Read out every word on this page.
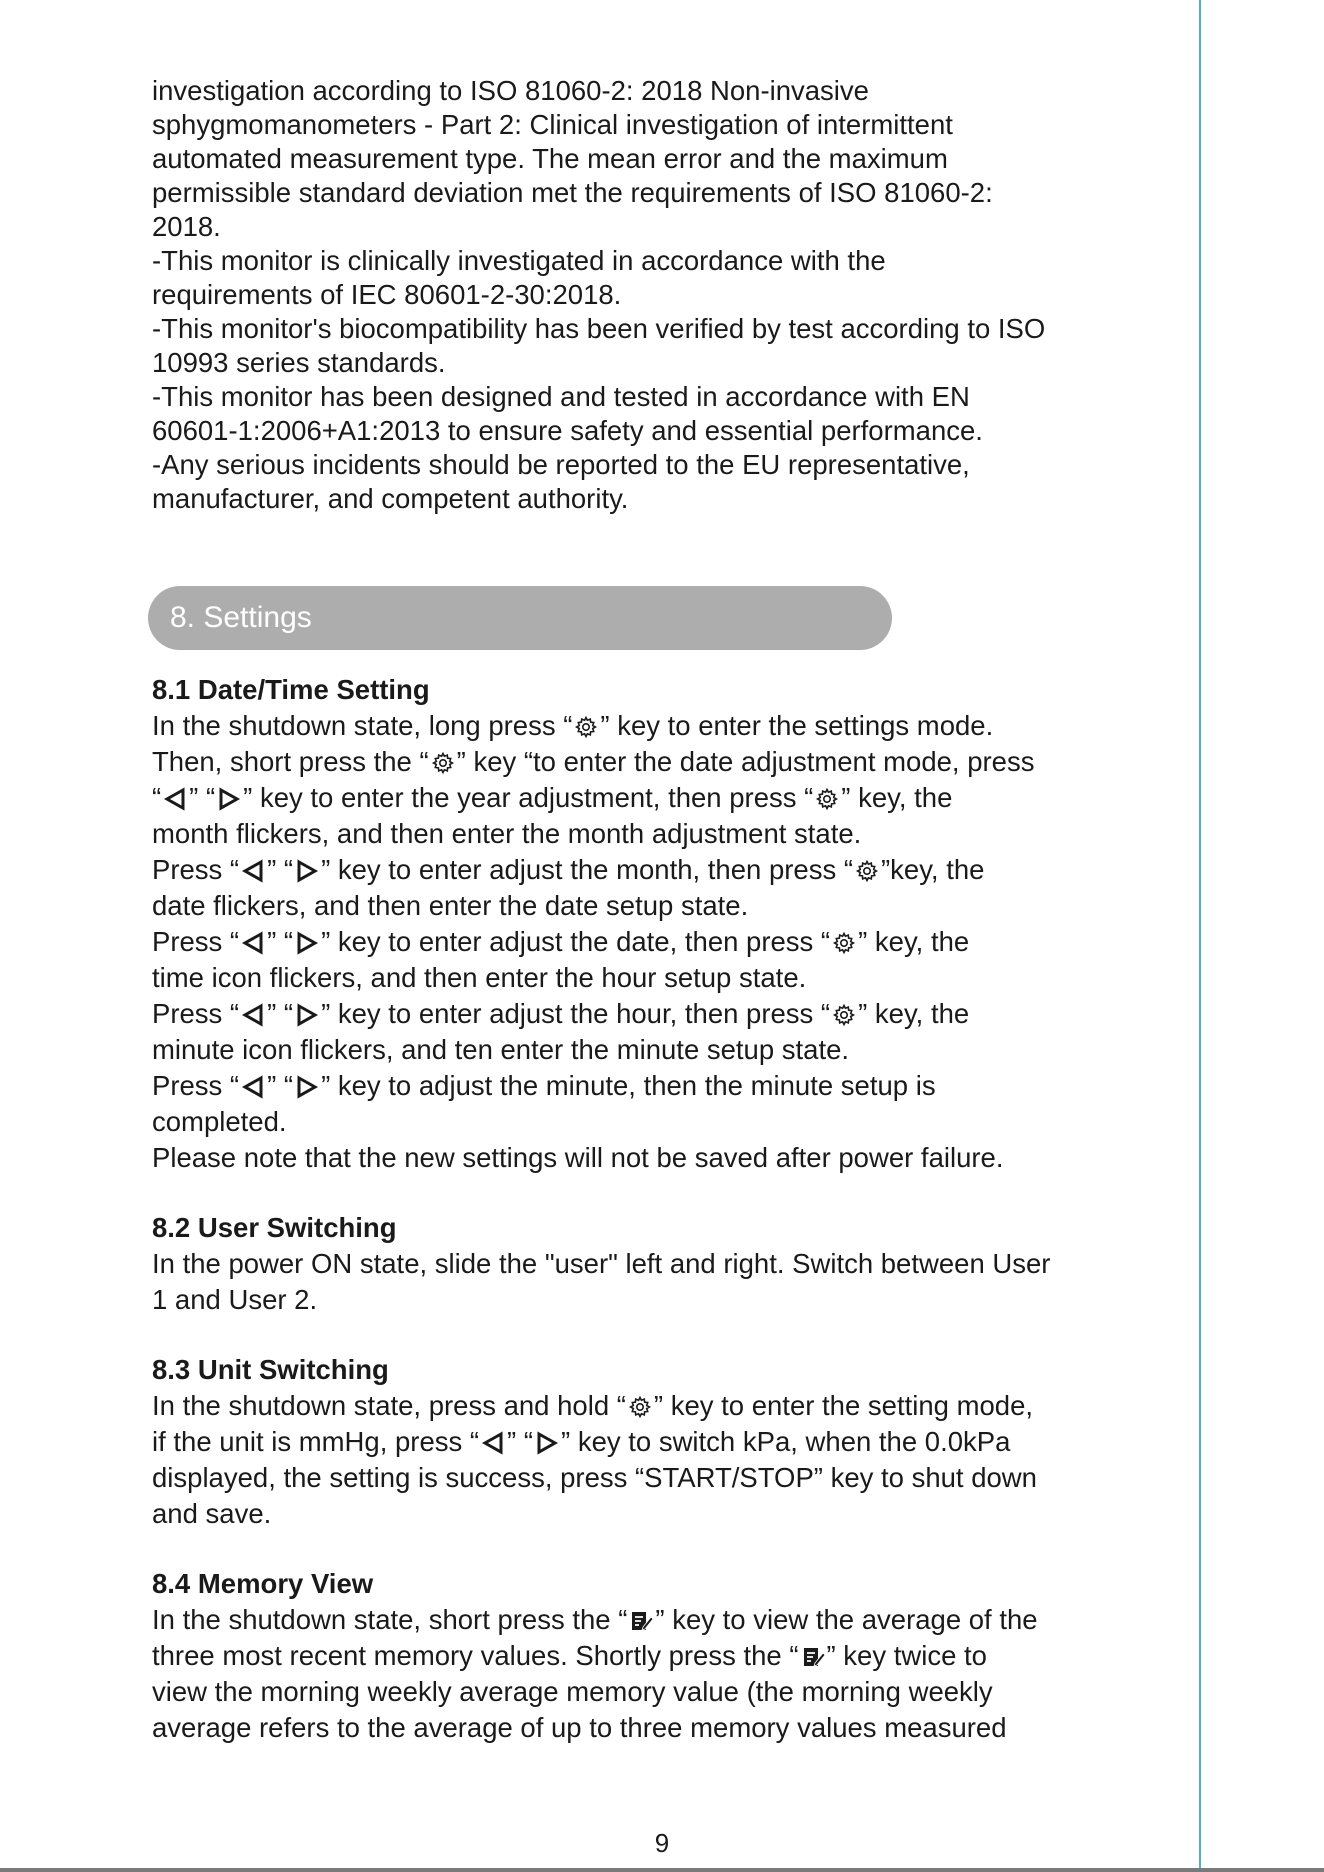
investigation according to ISO 81060-2: 2018 Non-invasive

sphygmomanometers - Part 2: Clinical investigation of intermittent

automated measurement type. The mean error and the maximum

permissible standard deviation met the requirements of ISO 81060-2:

2018.

-This monitor is clinically investigated in accordance with the

requirements of IEC 80601-2-30:2018.

-This monitor's biocompatibility has been verified by test according to ISO

10993 series standards.

-This monitor has been designed and tested in accordance with EN

60601-1:2006+A1:2013 to ensure safety and essential performance.

-Any serious incidents should be reported to the EU representative,

manufacturer, and competent authority.

8. Settings
8.1 Date/Time Setting

In the shutdown state, long press “ ” key to enter the settings mode.

Then, short press the “ ” key “to enter the date adjustment mode, press

“ ” “ ” key to enter the year adjustment, then press “ ” key, the

month flickers, and then enter the month adjustment state.

Press “ ” “ ” key to enter adjust the month, then press “ ”key, the

date flickers, and then enter the date setup state.

Press “ ” “ ” key to enter adjust the date, then press “ ” key, the

time icon flickers, and then enter the hour setup state.

Press “ ” “ ” key to enter adjust the hour, then press “ ” key, the

minute icon flickers, and ten enter the minute setup state.

Press “ ” “ ” key to adjust the minute, then the minute setup is

completed.

Please note that the new settings will not be saved after power failure.

8.2 User Switching

In the power ON state, slide the "user" left and right. Switch between User

1 and User 2.

8.3 Unit Switching

In the shutdown state, press and hold “ ” key to enter the setting mode,

if the unit is mmHg, press “ ” “ ” key to switch kPa, when the 0.0kPa

displayed, the setting is success, press “START/STOP” key to shut down

and save.

8.4 Memory View

In the shutdown state, short press the “ ” key to view the average of the

three most recent memory values. Shortly press the “ ” key twice to

view the morning weekly average memory value (the morning weekly

average refers to the average of up to three memory values measured

9
